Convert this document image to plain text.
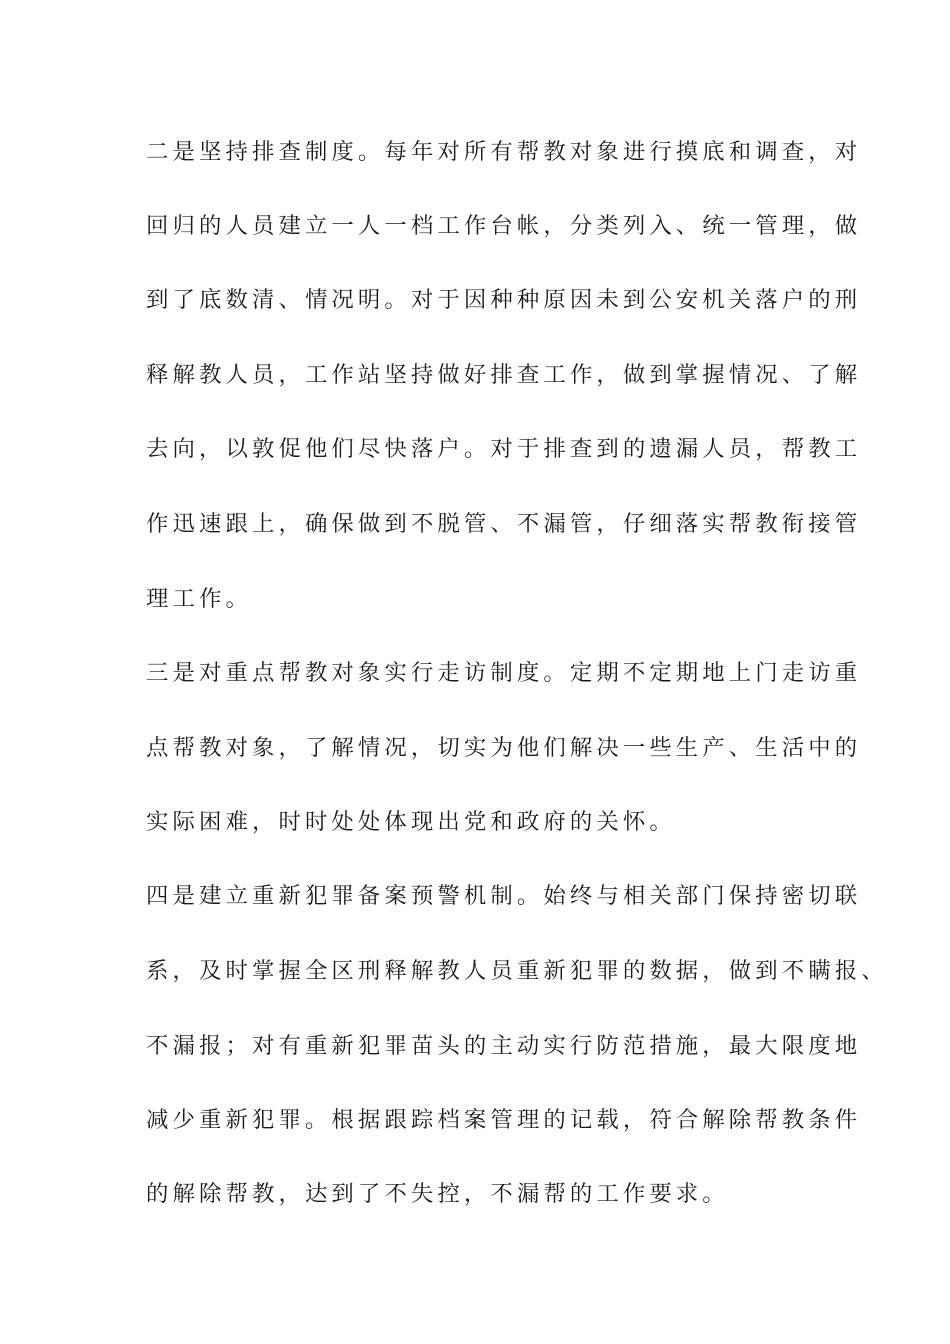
二是坚持排查制度。每年对所有帮教对象进行摸底和调查，对
回归的人员建立一人一档工作台帐，分类列入、统一管理，做
到了底数清、情况明。对于因种种原因未到公安机关落户的刑
释解教人员，工作站坚持做好排查工作，做到掌握情况、了解
去向，以敦促他们尽快落户。对于排查到的遗漏人员，帮教工
作迅速跟上，确保做到不脱管、不漏管，仔细落实帮教衔接管
理工作。
三是对重点帮教对象实行走访制度。定期不定期地上门走访重
点帮教对象，了解情况，切实为他们解决一些生产、生活中的
实际困难，时时处处体现出党和政府的关怀。
四是建立重新犯罪备案预警机制。始终与相关部门保持密切联
系，及时掌握全区刑释解教人员重新犯罪的数据，做到不瞒报、
不漏报；对有重新犯罪苗头的主动实行防范措施，最大限度地
减少重新犯罪。根据跟踪档案管理的记载，符合解除帮教条件
的解除帮教，达到了不失控，不漏帮的工作要求。
